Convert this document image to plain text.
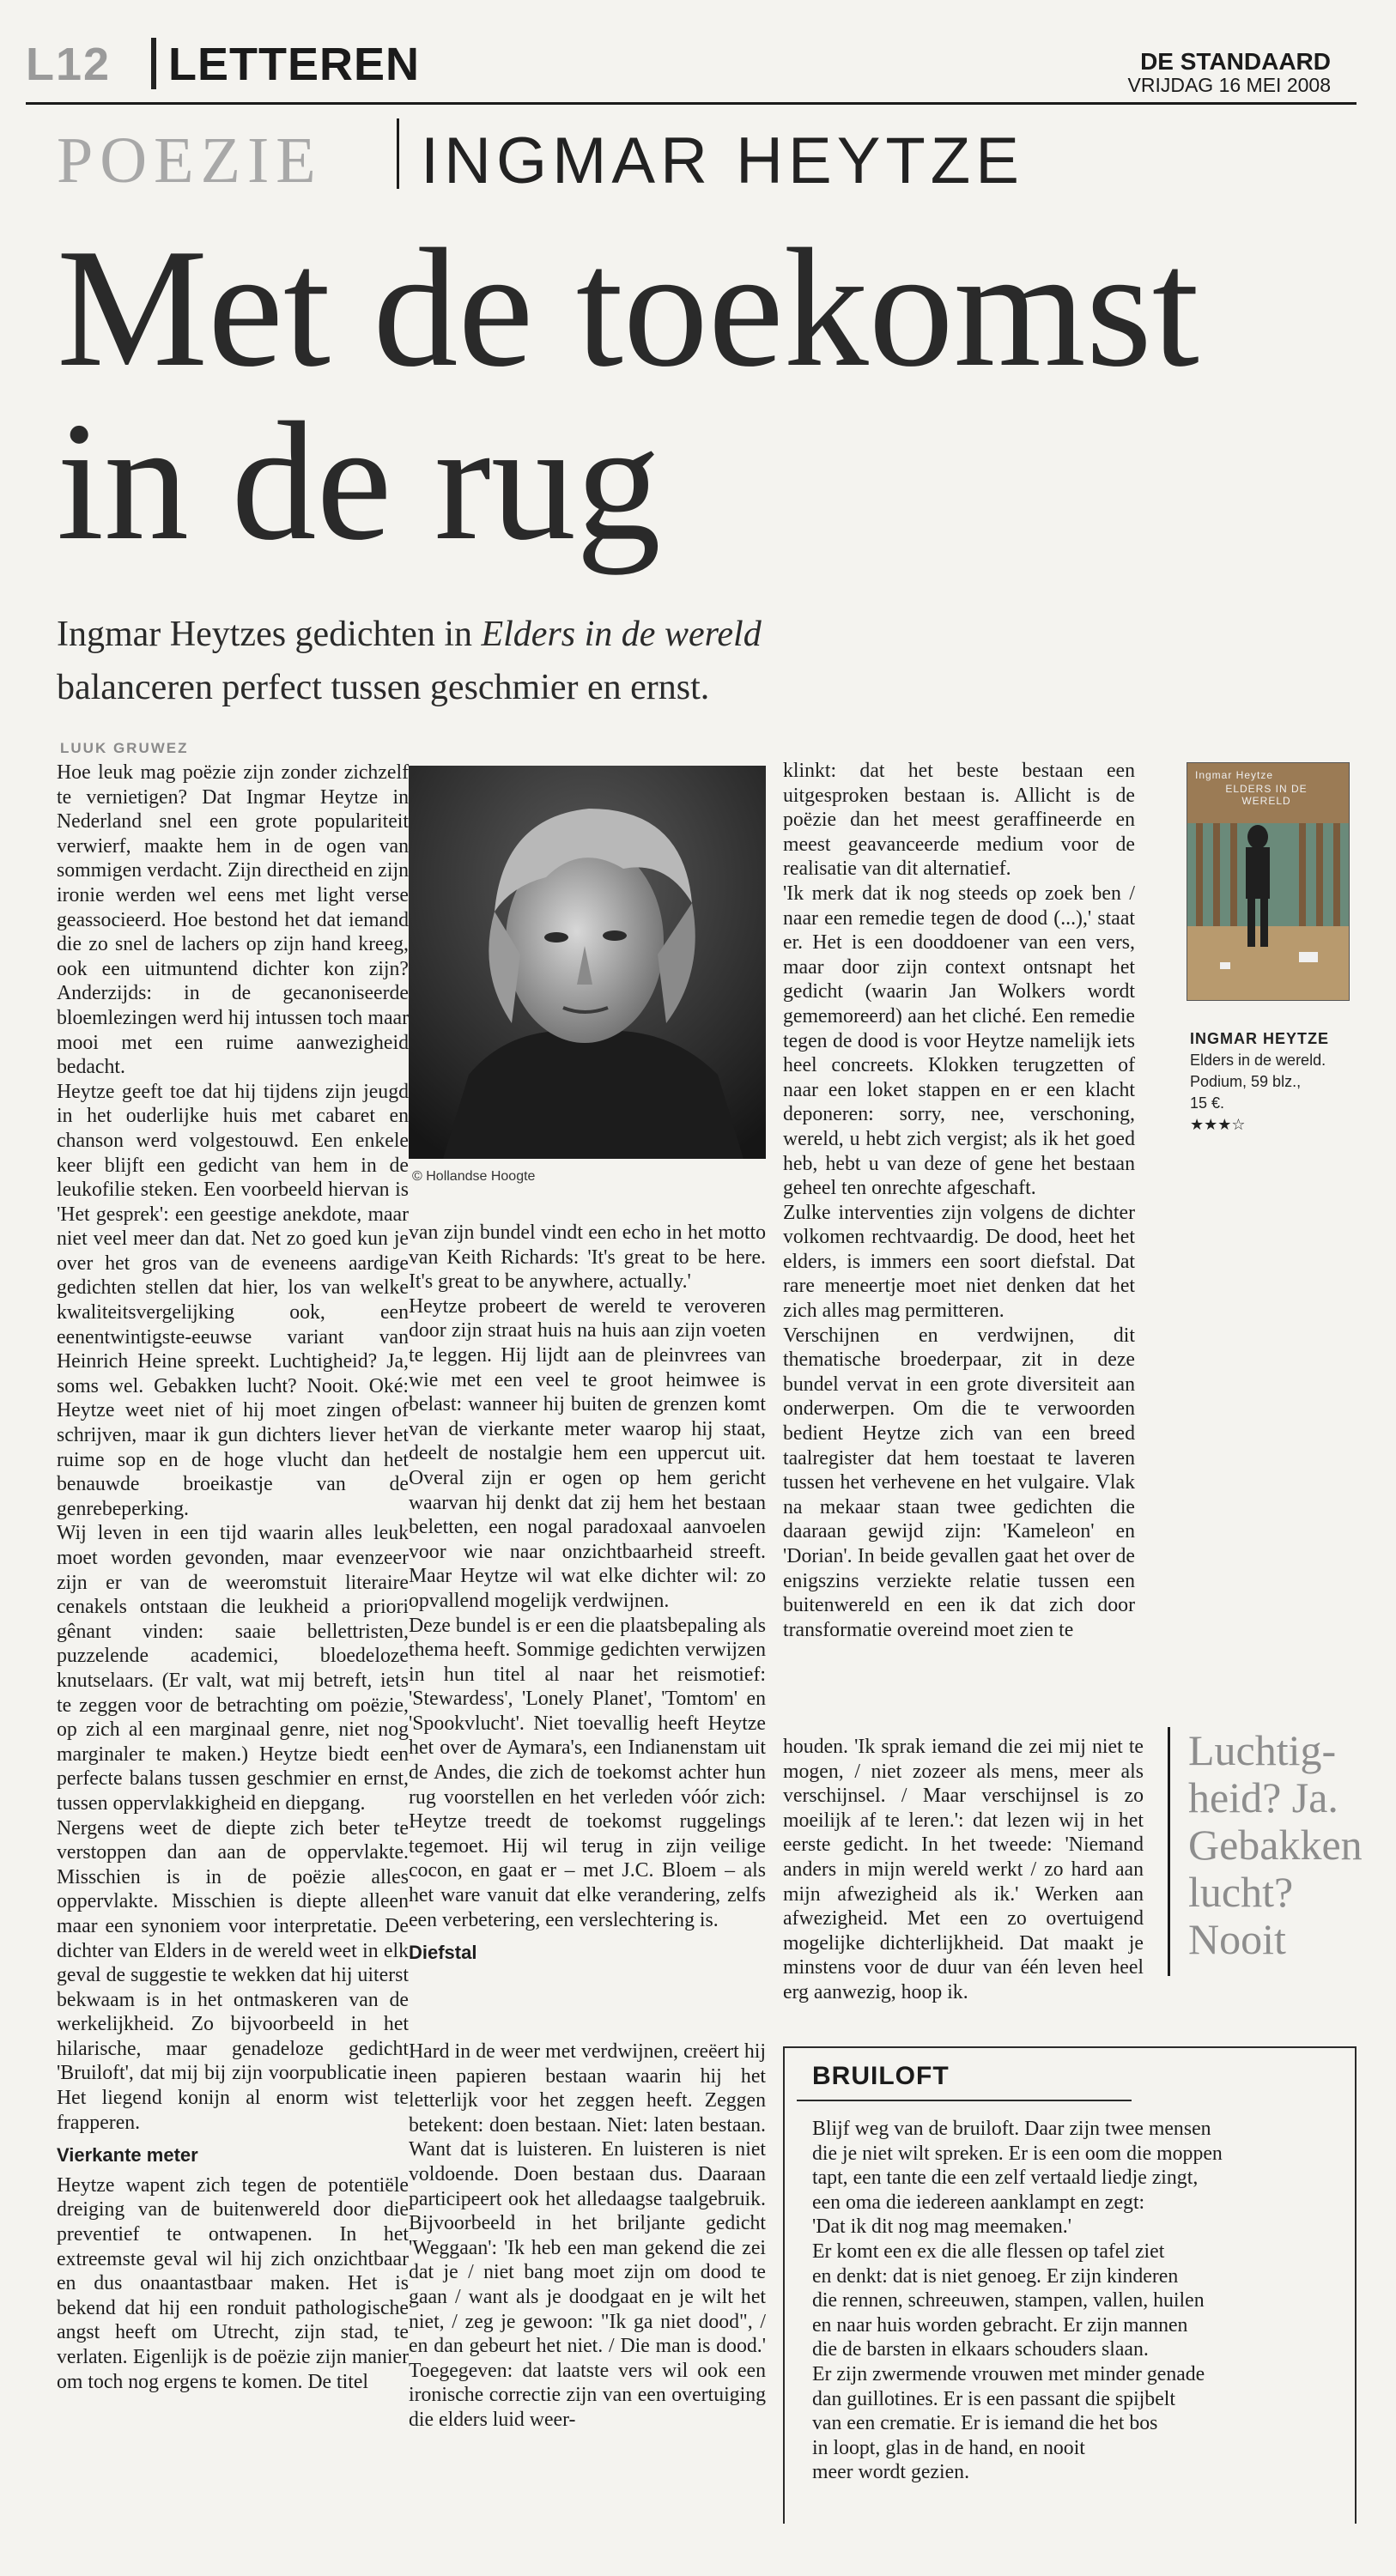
L12 LETTEREN	DE STANDAARD
VRIJDAG 16 MEI 2008
POEZIE INGMAR HEYTZE
Met de toekomst
in de rug
Ingmar Heytzes gedichten in Elders in de wereld
balanceren perfect tussen geschmier en ernst.
LUUK GRUWEZ

Hoe leuk mag poëzie zijn zonder zichzelf te vernietigen? Dat Ingmar Heytze in Nederland snel een grote populariteit verwierf, maakte hem in de ogen van sommigen verdacht. Zijn directheid en zijn ironie werden wel eens met light verse geassocieerd. Hoe bestond het dat iemand die zo snel de lachers op zijn hand kreeg, ook een uitmuntend dichter kon zijn? Anderzijds: in de gecanoniseerde bloemlezingen werd hij intussen toch maar mooi met een ruime aanwezigheid bedacht.

Heytze geeft toe dat hij tijdens zijn jeugd in het ouderlijke huis met cabaret en chanson werd volgestouwd. Een enkele keer blijft een gedicht van hem in de leukofilie steken. Een voorbeeld hiervan is 'Het gesprek': een geestige anekdote, maar niet veel meer dan dat. Net zo goed kun je over het gros van de eveneens aardige gedichten stellen dat hier, los van welke kwaliteitsvergelijking ook, een eenentwintigste-eeuwse variant van Heinrich Heine spreekt. Luchtigheid? Ja, soms wel. Gebakken lucht? Nooit. Oké: Heytze weet niet of hij moet zingen of schrijven, maar ik gun dichters liever het ruime sop en de hoge vlucht dan het benauwde broeikastje van de genrebeperking.

Wij leven in een tijd waarin alles leuk moet worden gevonden, maar evenzeer zijn er van de weeromstuit literaire cenakels ontstaan die leukheid a priori gênant vinden: saaie bellettristen, puzzelende academici, bloedeloze knutselaars. (Er valt, wat mij betreft, iets te zeggen voor de betrachting om poëzie, op zich al een marginaal genre, niet nog marginaler te maken.) Heytze biedt een perfecte balans tussen geschmier en ernst, tussen oppervlakkigheid en diepgang.

Nergens weet de diepte zich beter te verstoppen dan aan de oppervlakte. Misschien is in de poëzie alles oppervlakte. Misschien is diepte alleen maar een synoniem voor interpretatie. De dichter van Elders in de wereld weet in elk geval de suggestie te wekken dat hij uiterst bekwaam is in het ontmaskeren van de werkelijkheid. Zo bijvoorbeeld in het hilarische, maar genadeloze gedicht 'Bruiloft', dat mij bij zijn voorpublicatie in Het liegend konijn al enorm wist te frapperen.

Vierkante meter

Heytze wapent zich tegen de potentiële dreiging van de buitenwereld door die preventief te ontwapenen. In het extreemste geval wil hij zich onzichtbaar en dus onaantastbaar maken. Het is bekend dat hij een ronduit pathologische angst heeft om Utrecht, zijn stad, te verlaten. Eigenlijk is de poëzie zijn manier om toch nog ergens te komen. De titel

© Hollandse Hoogte

van zijn bundel vindt een echo in het motto van Keith Richards: 'It's great to be here. It's great to be anywhere, actually.'

Heytze probeert de wereld te veroveren door zijn straat huis na huis aan zijn voeten te leggen. Hij lijdt aan de pleinvrees van wie met een veel te groot heimwee is belast: wanneer hij buiten de grenzen komt van de vierkante meter waarop hij staat, deelt de nostalgie hem een uppercut uit. Overal zijn er ogen op hem gericht waarvan hij denkt dat zij hem het bestaan beletten, een nogal paradoxaal aanvoelen voor wie naar onzichtbaarheid streeft. Maar Heytze wil wat elke dichter wil: zo opvallend mogelijk verdwijnen.

Deze bundel is er een die plaatsbepaling als thema heeft. Sommige gedichten verwijzen in hun titel al naar het reismotief: 'Stewardess', 'Lonely Planet', 'Tomtom' en 'Spookvlucht'. Niet toevallig heeft Heytze het over de Aymara's, een Indianenstam uit de Andes, die zich de toekomst achter hun rug voorstellen en het verleden vóór zich: Heytze treedt de toekomst ruggelings tegemoet. Hij wil terug in zijn veilige cocon, en gaat er – met J.C. Bloem – als het ware vanuit dat elke verandering, zelfs een verbetering, een verslechtering is.

Diefstal

Hard in de weer met verdwijnen, creëert hij een papieren bestaan waarin hij het letterlijk voor het zeggen heeft. Zeggen betekent: doen bestaan. Niet: laten bestaan. Want dat is luisteren. En luisteren is niet voldoende. Doen bestaan dus. Daaraan participeert ook het alledaagse taalgebruik. Bijvoorbeeld in het briljante gedicht 'Weggaan': 'Ik heb een man gekend die zei dat je / niet bang moet zijn om dood te gaan / want als je doodgaat en je wilt het niet, / zeg je gewoon: "Ik ga niet dood", / en dan gebeurt het niet. / Die man is dood.' Toegegeven: dat laatste vers wil ook een ironische correctie zijn van een overtuiging die elders luid weer-

klinkt: dat het beste bestaan een uitgesproken bestaan is. Allicht is de poëzie dan het meest geraffineerde en meest geavanceerde medium voor de realisatie van dit alternatief.

'Ik merk dat ik nog steeds op zoek ben / naar een remedie tegen de dood (...),' staat er. Het is een dooddoener van een vers, maar door zijn context ontsnapt het gedicht (waarin Jan Wolkers wordt gememoreerd) aan het cliché. Een remedie tegen de dood is voor Heytze namelijk iets heel concreets. Klokken terugzetten of naar een loket stappen en er een klacht deponeren: sorry, nee, verschoning, wereld, u hebt zich vergist; als ik het goed heb, hebt u van deze of gene het bestaan geheel ten onrechte afgeschaft.

Zulke interventies zijn volgens de dichter volkomen rechtvaardig. De dood, heet het elders, is immers een soort diefstal. Dat rare meneertje moet niet denken dat het zich alles mag permitteren.

Verschijnen en verdwijnen, dit thematische broederpaar, zit in deze bundel vervat in een grote diversiteit aan onderwerpen. Om die te verwoorden bedient Heytze zich van een breed taalregister dat hem toestaat te laveren tussen het verhevene en het vulgaire. Vlak na mekaar staan twee gedichten die daaraan gewijd zijn: 'Kameleon' en 'Dorian'. In beide gevallen gaat het over de enigszins verziekte relatie tussen een buitenwereld en een ik dat zich door transformatie overeind moet zien te

houden. 'Ik sprak iemand die zei mij niet te mogen, / niet zozeer als mens, meer als verschijnsel. / Maar verschijnsel is zo moeilijk af te leren.': dat lezen wij in het eerste gedicht. In het tweede: 'Niemand anders in mijn wereld werkt / zo hard aan mijn afwezigheid als ik.' Werken aan afwezigheid. Met een zo overtuigend mogelijke dichterlijkheid. Dat maakt je minstens voor de duur van één leven heel erg aanwezig, hoop ik.

Ingmar Heytze
ELDERS IN DE WERELD
INGMAR HEYTZE
Elders in de wereld.
Podium, 59 blz.,
15 €.
★★★☆
Luchtig-heid? Ja. Gebakken lucht? Nooit
BRUILOFT
Blijf weg van de bruiloft. Daar zijn twee mensen
die je niet wilt spreken. Er is een oom die moppen
tapt, een tante die een zelf vertaald liedje zingt,
een oma die iedereen aanklampt en zegt:
'Dat ik dit nog mag meemaken.'
Er komt een ex die alle flessen op tafel ziet
en denkt: dat is niet genoeg. Er zijn kinderen
die rennen, schreeuwen, stampen, vallen, huilen
en naar huis worden gebracht. Er zijn mannen
die de barsten in elkaars schouders slaan.
Er zijn zwermende vrouwen met minder genade
dan guillotines. Er is een passant die spijbelt
van een crematie. Er is iemand die het bos
in loopt, glas in de hand, en nooit
meer wordt gezien.
